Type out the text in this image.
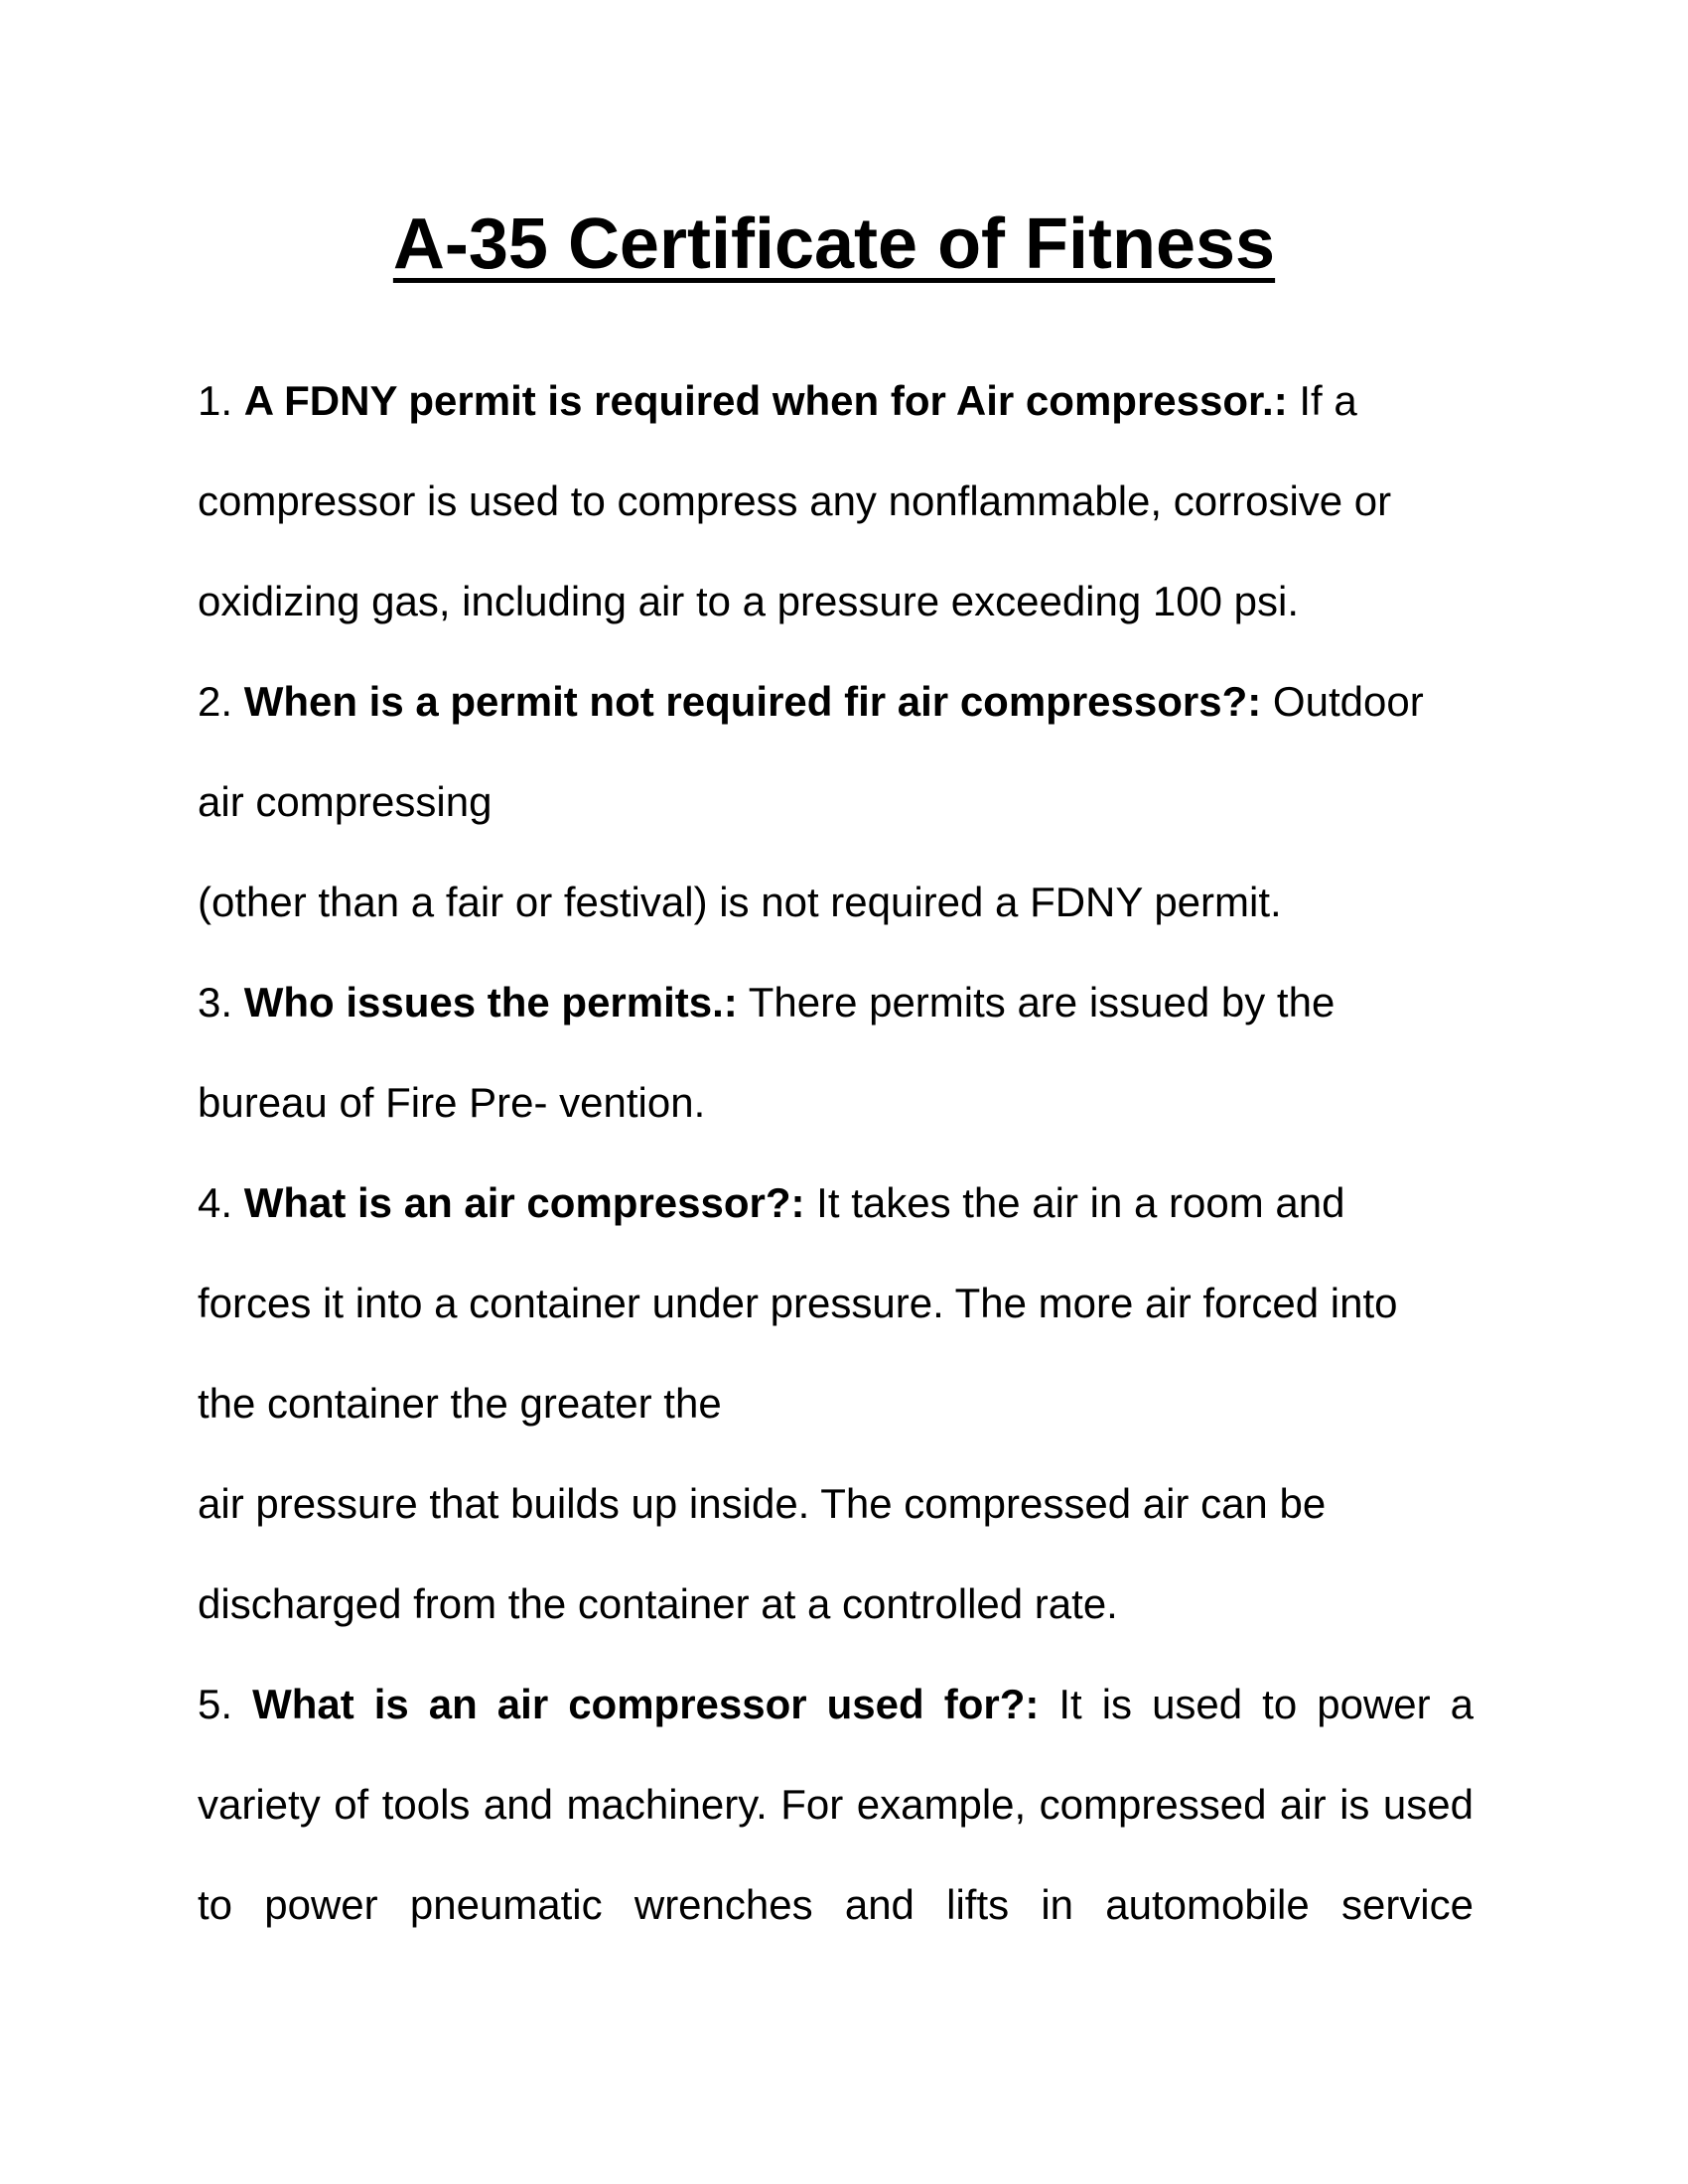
A-35 Certificate of Fitness
1. A FDNY permit is required when for Air compressor.: If a
compressor is used to compress any nonflammable, corrosive or
oxidizing gas, including air to a pressure exceeding 100 psi.
2. When is a permit not required fir air compressors?: Outdoor
air compressing
(other than a fair or festival) is not required a FDNY permit.
3. Who issues the permits.: There permits are issued by the
bureau of Fire Pre- vention.
4. What is an air compressor?: It takes the air in a room and
forces it into a container under pressure. The more air forced into
the container the greater the
air pressure that builds up inside. The compressed air can be
discharged from the container at a controlled rate.
5. What is an air compressor used for?: It is used to power a
variety of tools and machinery. For example, compressed air is used
to power pneumatic wrenches and lifts in automobile service
